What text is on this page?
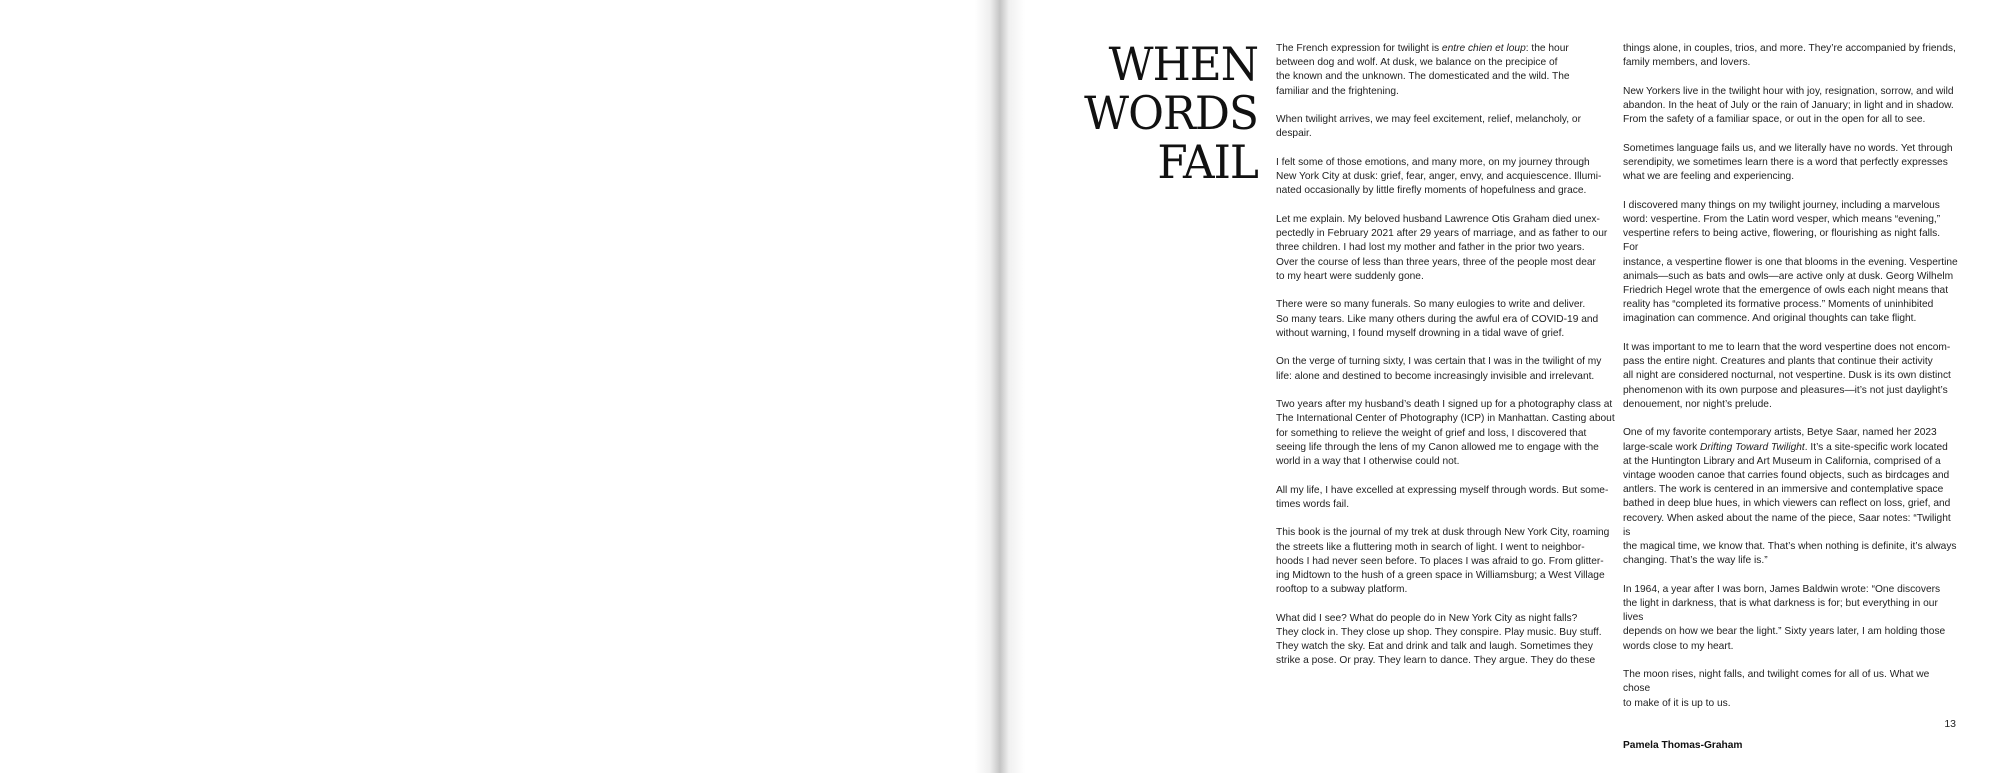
WHEN
WORDS
FAIL

The French expression for twilight is entre chien et loup: the hour
between dog and wolf. At dusk, we balance on the precipice of
the known and the unknown. The domesticated and the wild. The
familiar and the frightening.

When twilight arrives, we may feel excitement, relief, melancholy, or despair.

I felt some of those emotions, and many more, on my journey through
New York City at dusk: grief, fear, anger, envy, and acquiescence. Illumi-
nated occasionally by little firefly moments of hopefulness and grace.

Let me explain. My beloved husband Lawrence Otis Graham died unex-
pectedly in February 2021 after 29 years of marriage, and as father to our
three children. I had lost my mother and father in the prior two years.
Over the course of less than three years, three of the people most dear
to my heart were suddenly gone.

There were so many funerals. So many eulogies to write and deliver.
So many tears. Like many others during the awful era of COVID-19 and
without warning, I found myself drowning in a tidal wave of grief.

On the verge of turning sixty, I was certain that I was in the twilight of my
life: alone and destined to become increasingly invisible and irrelevant.

Two years after my husband’s death I signed up for a photography class at
The International Center of Photography (ICP) in Manhattan. Casting about
for something to relieve the weight of grief and loss, I discovered that
seeing life through the lens of my Canon allowed me to engage with the
world in a way that I otherwise could not.

All my life, I have excelled at expressing myself through words. But some-
times words fail.

This book is the journal of my trek at dusk through New York City, roaming
the streets like a fluttering moth in search of light. I went to neighbor-
hoods I had never seen before. To places I was afraid to go. From glitter-
ing Midtown to the hush of a green space in Williamsburg; a West Village
rooftop to a subway platform.

What did I see? What do people do in New York City as night falls?
They clock in. They close up shop. They conspire. Play music. Buy stuff.
They watch the sky. Eat and drink and talk and laugh. Sometimes they
strike a pose. Or pray. They learn to dance. They argue. They do these

things alone, in couples, trios, and more. They’re accompanied by friends,
family members, and lovers.

New Yorkers live in the twilight hour with joy, resignation, sorrow, and wild
abandon. In the heat of July or the rain of January; in light and in shadow.
From the safety of a familiar space, or out in the open for all to see.

Sometimes language fails us, and we literally have no words. Yet through
serendipity, we sometimes learn there is a word that perfectly expresses
what we are feeling and experiencing.

I discovered many things on my twilight journey, including a marvelous
word: vespertine. From the Latin word vesper, which means “evening,”
vespertine refers to being active, flowering, or flourishing as night falls. For
instance, a vespertine flower is one that blooms in the evening. Vespertine
animals—such as bats and owls—are active only at dusk. Georg Wilhelm
Friedrich Hegel wrote that the emergence of owls each night means that
reality has “completed its formative process.” Moments of uninhibited
imagination can commence. And original thoughts can take flight.

It was important to me to learn that the word vespertine does not encom-
pass the entire night. Creatures and plants that continue their activity
all night are considered nocturnal, not vespertine. Dusk is its own distinct
phenomenon with its own purpose and pleasures—it’s not just daylight’s
denouement, nor night’s prelude.

One of my favorite contemporary artists, Betye Saar, named her 2023
large-scale work Drifting Toward Twilight. It’s a site-specific work located
at the Huntington Library and Art Museum in California, comprised of a
vintage wooden canoe that carries found objects, such as birdcages and
antlers. The work is centered in an immersive and contemplative space
bathed in deep blue hues, in which viewers can reflect on loss, grief, and
recovery. When asked about the name of the piece, Saar notes: “Twilight is
the magical time, we know that. That’s when nothing is definite, it’s always
changing. That’s the way life is.”

In 1964, a year after I was born, James Baldwin wrote: “One discovers
the light in darkness, that is what darkness is for; but everything in our lives
depends on how we bear the light.” Sixty years later, I am holding those
words close to my heart.

The moon rises, night falls, and twilight comes for all of us. What we chose
to make of it is up to us.

Pamela Thomas-Graham
13
